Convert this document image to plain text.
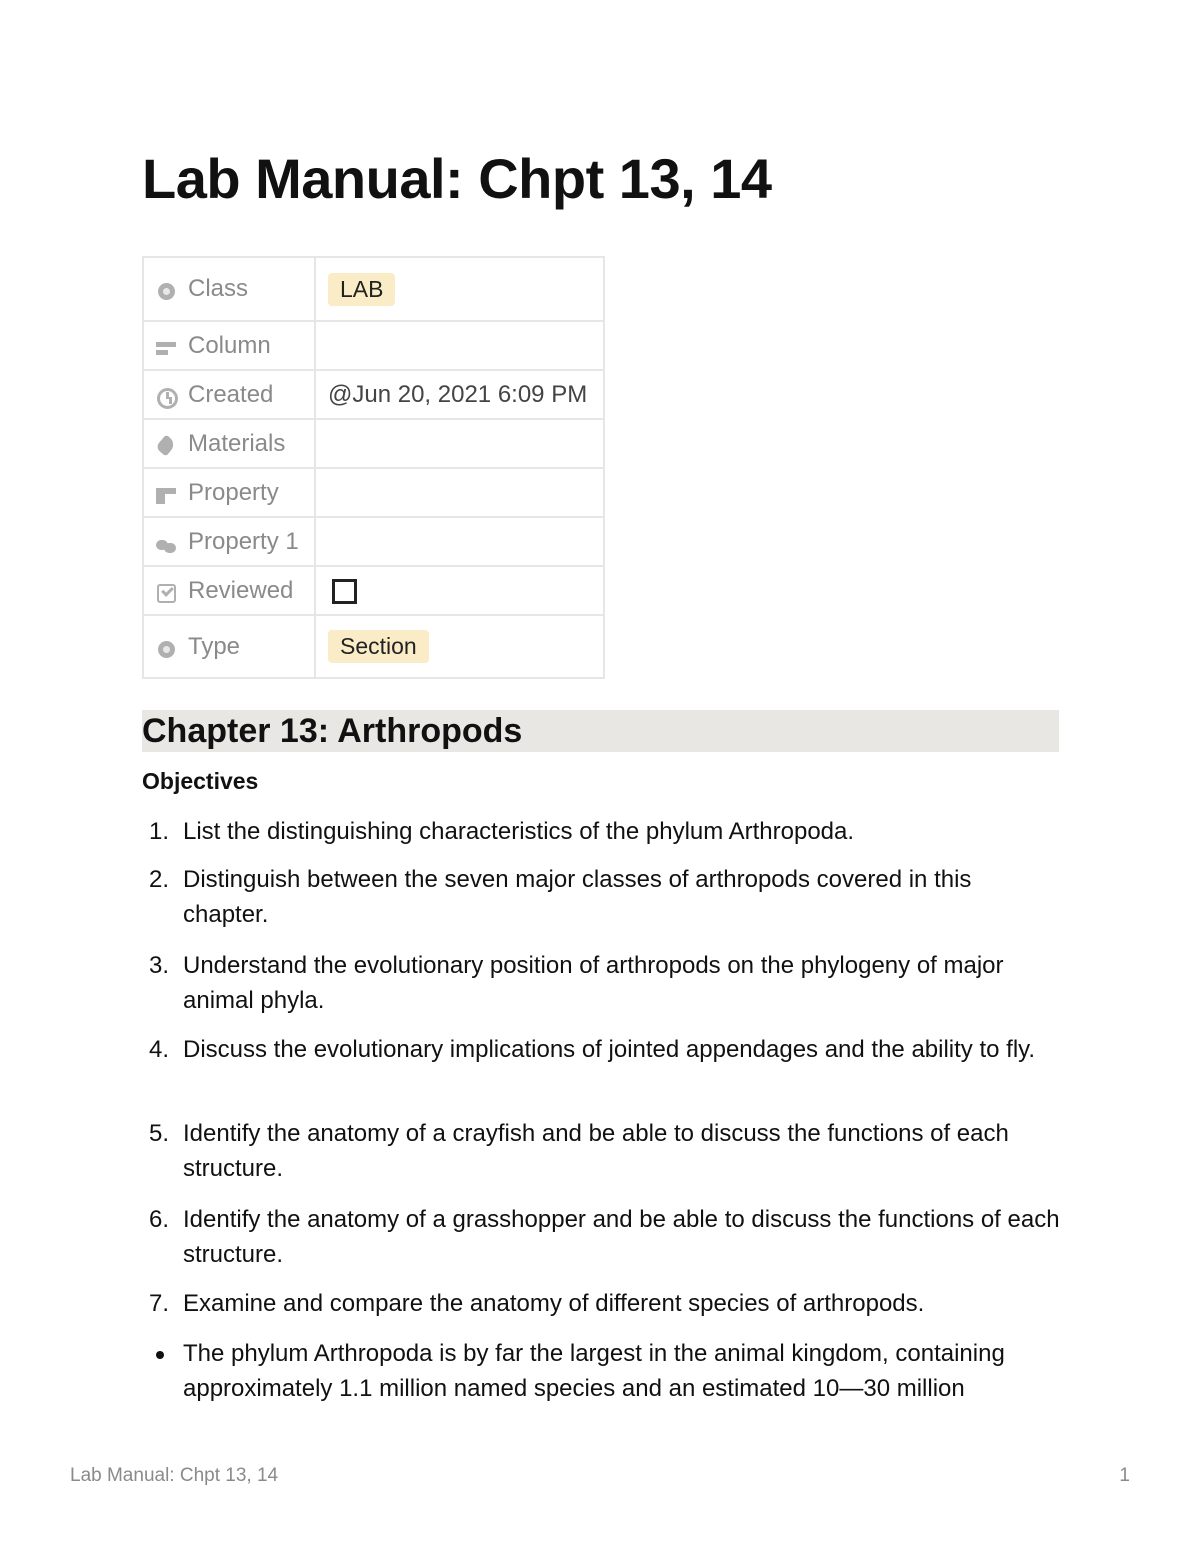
Lab Manual: Chpt 13, 14
Class	LAB

Column	

Created	@Jun 20, 2021 6:09 PM

Materials	

Property	

Property 1	

Reviewed	

Type	Section
Chapter 13: Arthropods
Objectives
1. List the distinguishing characteristics of the phylum Arthropoda.
2. Distinguish between the seven major classes of arthropods covered in this chapter.
3. Understand the evolutionary position of arthropods on the phylogeny of major animal phyla.
4. Discuss the evolutionary implications of jointed appendages and the ability to fly.
5. Identify the anatomy of a crayfish and be able to discuss the functions of each structure.
6. Identify the anatomy of a grasshopper and be able to discuss the functions of each structure.
7. Examine and compare the anatomy of different species of arthropods.
The phylum Arthropoda is by far the largest in the animal kingdom, containing approximately 1.1 million named species and an estimated 10—30 million
Lab Manual: Chpt 13, 14	1
